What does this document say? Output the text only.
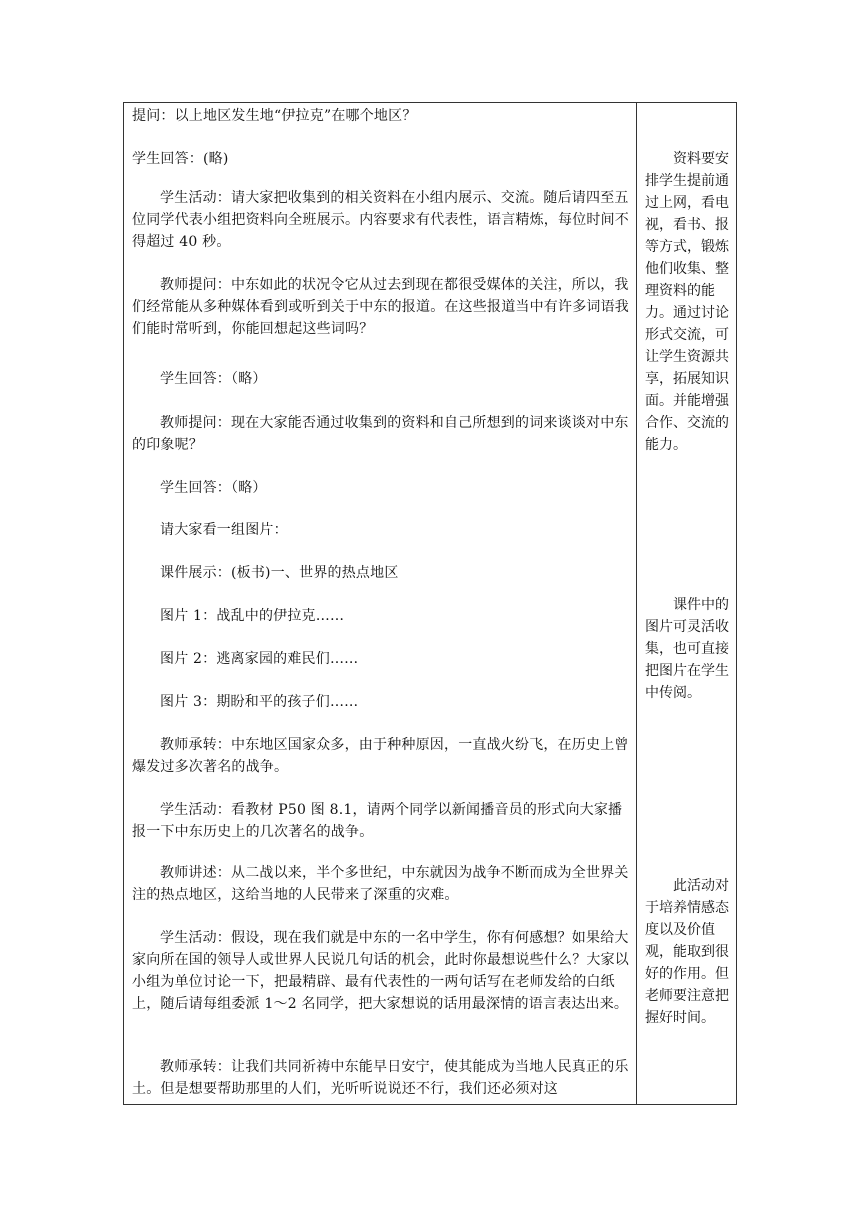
提问：以上地区发生地“伊拉克”在哪个地区？

学生回答：(略)

学生活动：请大家把收集到的相关资料在小组内展示、交流。随后请四至五位同学代表小组把资料向全班展示。内容要求有代表性，语言精炼，每位时间不得超过 40 秒。

教师提问：中东如此的状况令它从过去到现在都很受媒体的关注，所以，我们经常能从多种媒体看到或听到关于中东的报道。在这些报道当中有许多词语我们能时常听到，你能回想起这些词吗？

学生回答：（略）

教师提问：现在大家能否通过收集到的资料和自己所想到的词来谈谈对中东的印象呢？

学生回答：（略）

请大家看一组图片：

课件展示：(板书)一、世界的热点地区

图片 1：战乱中的伊拉克……

图片 2：逃离家园的难民们……

图片 3：期盼和平的孩子们……

教师承转：中东地区国家众多，由于种种原因，一直战火纷飞，在历史上曾爆发过多次著名的战争。

学生活动：看教材 P50 图 8.1，请两个同学以新闻播音员的形式向大家播报一下中东历史上的几次著名的战争。

教师讲述：从二战以来，半个多世纪，中东就因为战争不断而成为全世界关注的热点地区，这给当地的人民带来了深重的灾难。

学生活动：假设，现在我们就是中东的一名中学生，你有何感想？如果给大家向所在国的领导人或世界人民说几句话的机会，此时你最想说些什么？大家以小组为单位讨论一下，把最精辟、最有代表性的一两句话写在老师发给的白纸上，随后请每组委派 1～2 名同学，把大家想说的话用最深情的语言表达出来。

教师承转：让我们共同祈祷中东能早日安宁，使其能成为当地人民真正的乐土。但是想要帮助那里的人们，光听听说说还不行，我们还必须对这

资料要安排学生提前通过上网，看电视，看书、报等方式，锻炼他们收集、整理资料的能力。通过讨论形式交流，可让学生资源共享，拓展知识面。并能增强合作、交流的能力。

课件中的图片可灵活收集，也可直接把图片在学生中传阅。

此活动对于培养情感态度以及价值观，能取到很好的作用。但老师要注意把握好时间。
